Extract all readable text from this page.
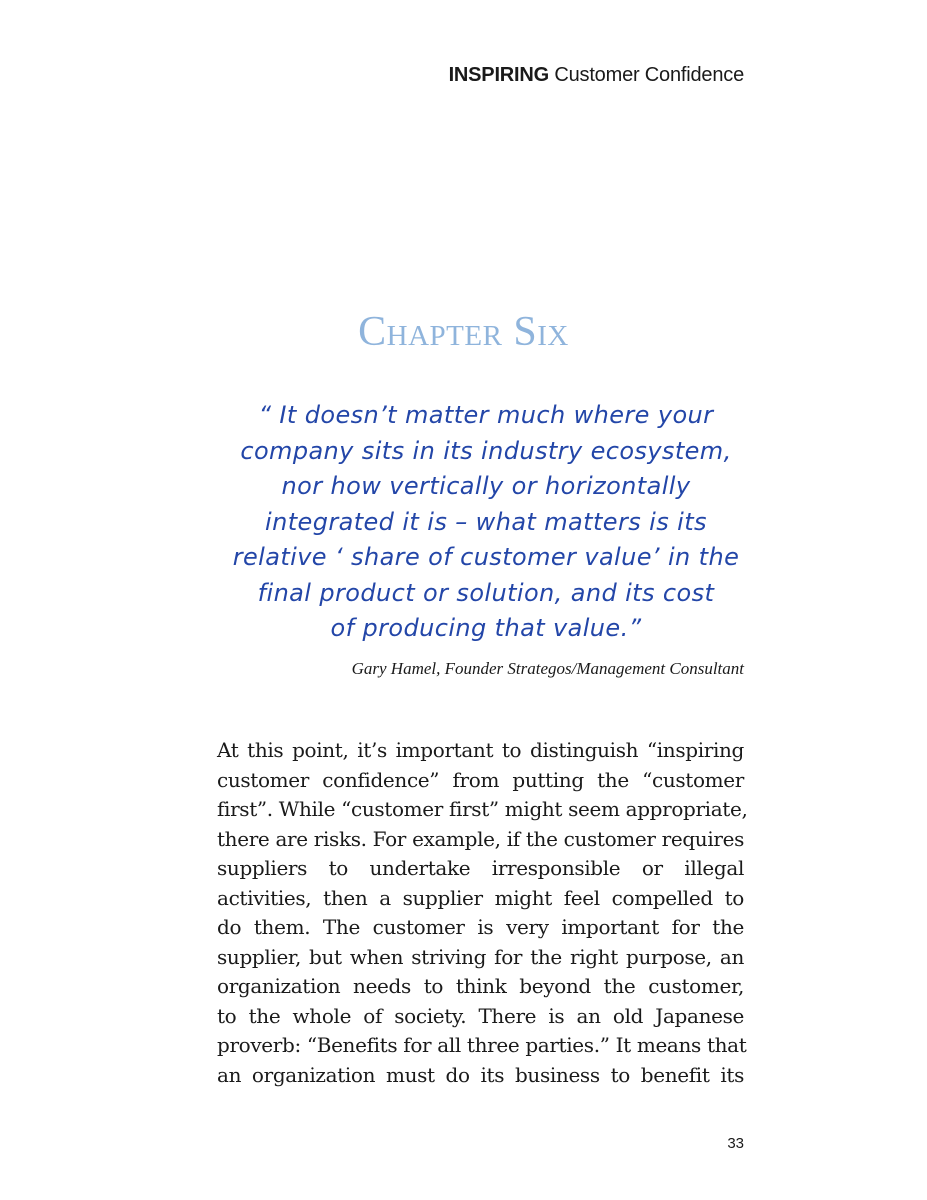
INSPIRING Customer Confidence
Chapter Six
“ It doesn’t matter much where your
company sits in its industry ecosystem,
nor how vertically or horizontally
integrated it is – what matters is its
relative ‘ share of customer value’ in the
final product or solution, and its cost
of producing that value.”
Gary Hamel, Founder Strategos/Management Consultant
At this point, it’s important to distinguish “inspiring
customer confidence” from putting the “customer
first”. While “customer first” might seem appropriate,
there are risks. For example, if the customer requires
suppliers to undertake irresponsible or illegal
activities, then a supplier might feel compelled to
do them. The customer is very important for the
supplier, but when striving for the right purpose, an
organization needs to think beyond the customer,
to the whole of society. There is an old Japanese
proverb: “Benefits for all three parties.” It means that
an organization must do its business to benefit its
33
